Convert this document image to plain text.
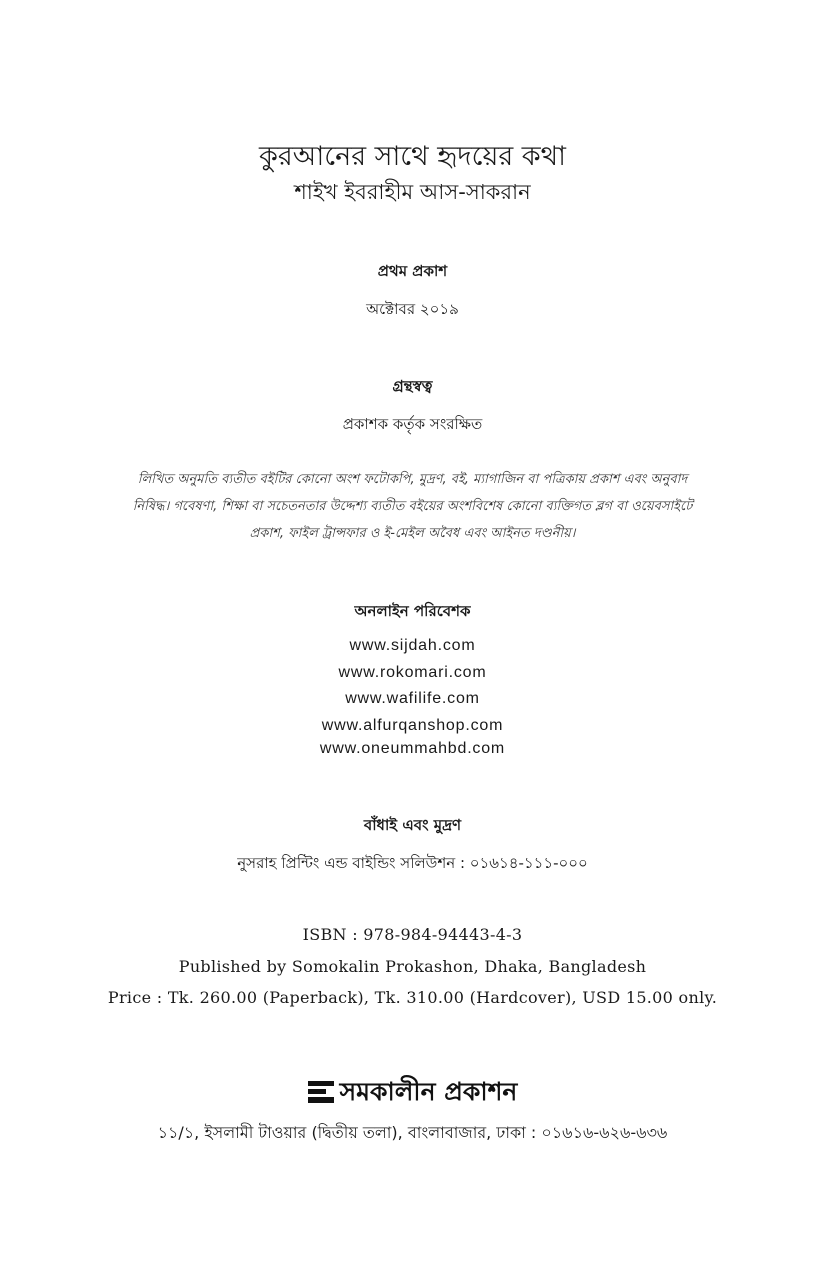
কুরআনের সাথে হৃদয়ের কথা
শাইখ ইবরাহীম আস-সাকরান
প্রথম প্রকাশ
অক্টোবর ২০১৯
গ্রন্থস্বত্ব
প্রকাশক কর্তৃক সংরক্ষিত
লিখিত অনুমতি ব্যতীত বইটির কোনো অংশ ফটোকপি, মুদ্রণ, বই, ম্যাগাজিন বা পত্রিকায় প্রকাশ এবং অনুবাদ
নিষিদ্ধ। গবেষণা, শিক্ষা বা সচেতনতার উদ্দেশ্য ব্যতীত বইয়ের অংশবিশেষ কোনো ব্যক্তিগত ব্লগ বা ওয়েবসাইটে
প্রকাশ, ফাইল ট্রান্সফার ও ই-মেইল অবৈধ এবং আইনত দণ্ডনীয়।
অনলাইন পরিবেশক
www.sijdah.com
www.rokomari.com
www.wafilife.com
www.alfurqanshop.com
www.oneummahbd.com
বাঁধাই এবং মুদ্রণ
নুসরাহ প্রিন্টিং এন্ড বাইন্ডিং সলিউশন : ০১৬১৪-১১১-০০০
ISBN : 978-984-94443-4-3
Published by Somokalin Prokashon, Dhaka, Bangladesh
Price : Tk. 260.00 (Paperback), Tk. 310.00 (Hardcover), USD 15.00 only.
সমকালীন প্রকাশন
১১/১, ইসলামী টাওয়ার (দ্বিতীয় তলা), বাংলাবাজার, ঢাকা : ০১৬১৬-৬২৬-৬৩৬
